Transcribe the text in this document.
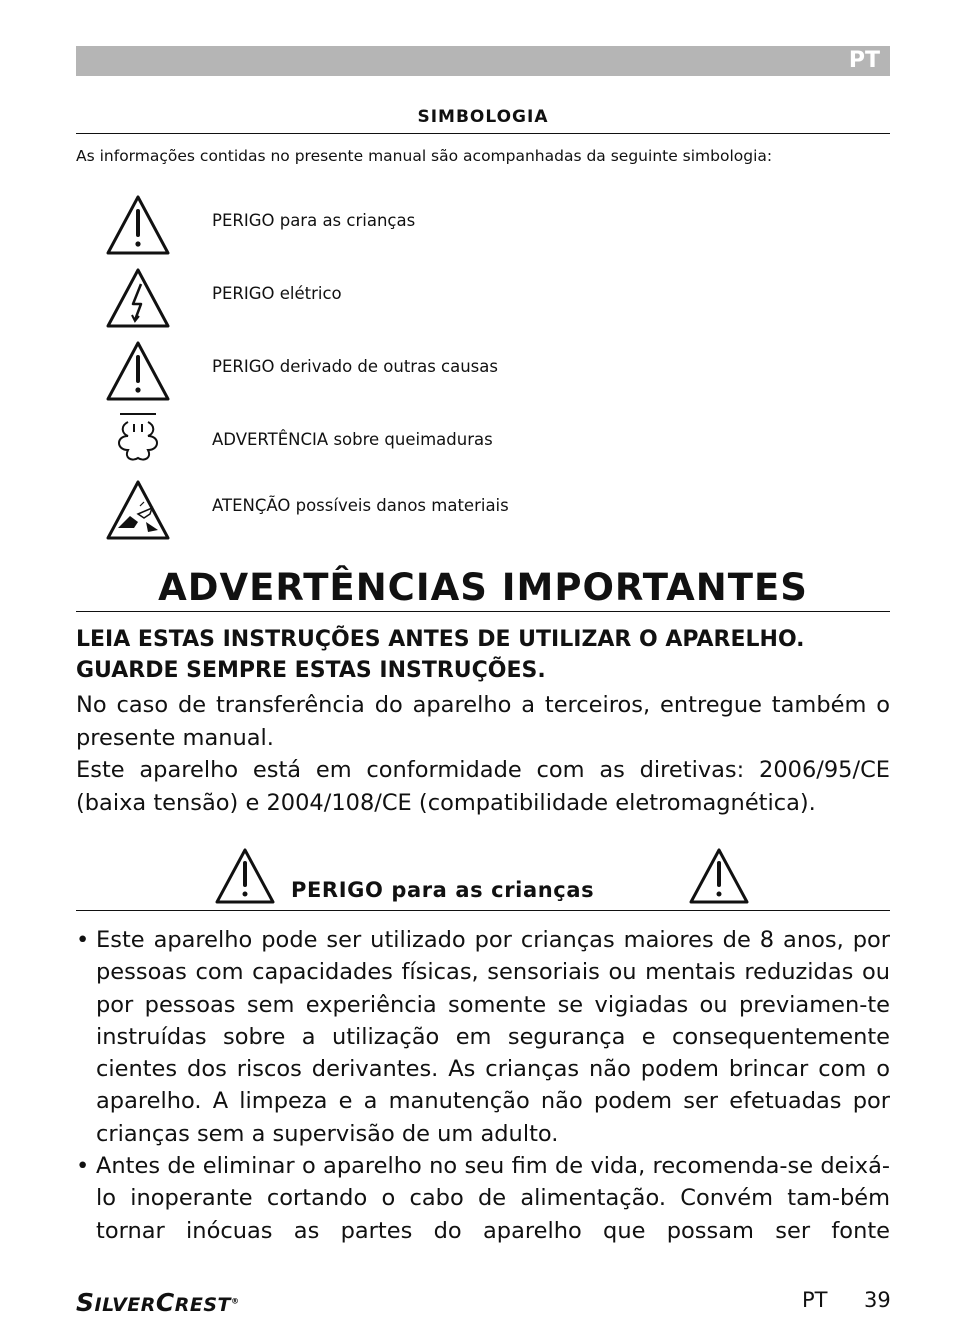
PT
SIMBOLOGIA
As informações contidas no presente manual são acompanhadas da seguinte simbologia:
PERIGO para as crianças
PERIGO elétrico
PERIGO derivado de outras causas
ADVERTÊNCIA sobre queimaduras
ATENÇÃO possíveis danos materiais
ADVERTÊNCIAS IMPORTANTES
LEIA ESTAS INSTRUÇÕES ANTES DE UTILIZAR O APARELHO.
GUARDE SEMPRE ESTAS INSTRUÇÕES.
No caso de transferência do aparelho a terceiros, entregue também o presente manual.
Este aparelho está em conformidade com as diretivas: 2006/95/CE (baixa tensão) e 2004/108/CE (compatibilidade eletromagnética).
PERIGO para as crianças
• Este aparelho pode ser utilizado por crianças maiores de 8 anos, por pessoas com capacidades físicas, sensoriais ou mentais reduzidas ou por pessoas sem experiência somente se vigiadas ou previamen-te instruídas sobre a utilização em segurança e consequentemente cientes dos riscos derivantes. As crianças não podem brincar com o aparelho. A limpeza e a manutenção não podem ser efetuadas por crianças sem a supervisão de um adulto.
• Antes de eliminar o aparelho no seu fim de vida, recomenda-se deixá-lo inoperante cortando o cabo de alimentação. Convém tam-bém tornar inócuas as partes do aparelho que possam ser fonte
SILVERCREST®	PT 39
